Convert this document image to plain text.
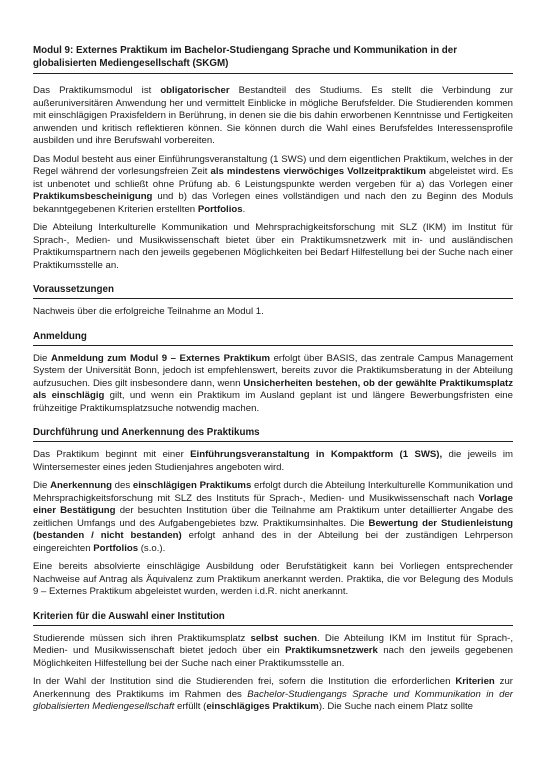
Modul 9: Externes Praktikum im Bachelor-Studiengang Sprache und Kommunikation in der globalisierten Mediengesellschaft (SKGM)

Das Praktikumsmodul ist obligatorischer Bestandteil des Studiums. Es stellt die Verbindung zur außeruniversitären Anwendung her und vermittelt Einblicke in mögliche Berufsfelder. Die Studierenden kommen mit einschlägigen Praxisfeldern in Berührung, in denen sie die bis dahin erworbenen Kenntnisse und Fertigkeiten anwenden und kritisch reflektieren können. Sie können durch die Wahl eines Berufsfeldes Interessensprofile ausbilden und ihre Berufswahl vorbereiten.

Das Modul besteht aus einer Einführungsveranstaltung (1 SWS) und dem eigentlichen Praktikum, welches in der Regel während der vorlesungsfreien Zeit als mindestens vierwöchiges Vollzeitpraktikum abgeleistet wird. Es ist unbenotet und schließt ohne Prüfung ab. 6 Leistungspunkte werden vergeben für a) das Vorlegen einer Praktikumsbescheinigung und b) das Vorlegen eines vollständigen und nach den zu Beginn des Moduls bekanntgegebenen Kriterien erstellten Portfolios.

Die Abteilung Interkulturelle Kommunikation und Mehrsprachigkeitsforschung mit SLZ (IKM) im Institut für Sprach-, Medien- und Musikwissenschaft bietet über ein Praktikumsnetzwerk mit in- und ausländischen Praktikumspartnern nach den jeweils gegebenen Möglichkeiten bei Bedarf Hilfestellung bei der Suche nach einer Praktikumsstelle an.

Voraussetzungen

Nachweis über die erfolgreiche Teilnahme an Modul 1.

Anmeldung

Die Anmeldung zum Modul 9 – Externes Praktikum erfolgt über BASIS, das zentrale Campus Management System der Universität Bonn, jedoch ist empfehlenswert, bereits zuvor die Praktikumsberatung in der Abteilung aufzusuchen. Dies gilt insbesondere dann, wenn Unsicherheiten bestehen, ob der gewählte Praktikumsplatz als einschlägig gilt, und wenn ein Praktikum im Ausland geplant ist und längere Bewerbungsfristen eine frühzeitige Praktikumsplatzsuche notwendig machen.

Durchführung und Anerkennung des Praktikums

Das Praktikum beginnt mit einer Einführungsveranstaltung in Kompaktform (1 SWS), die jeweils im Wintersemester eines jeden Studienjahres angeboten wird.

Die Anerkennung des einschlägigen Praktikums erfolgt durch die Abteilung Interkulturelle Kommunikation und Mehrsprachigkeitsforschung mit SLZ des Instituts für Sprach-, Medien- und Musikwissenschaft nach Vorlage einer Bestätigung der besuchten Institution über die Teilnahme am Praktikum unter detaillierter Angabe des zeitlichen Umfangs und des Aufgabengebietes bzw. Praktikumsinhaltes. Die Bewertung der Studienleistung (bestanden / nicht bestanden) erfolgt anhand des in der Abteilung bei der zuständigen Lehrperson eingereichten Portfolios (s.o.).

Eine bereits absolvierte einschlägige Ausbildung oder Berufstätigkeit kann bei Vorliegen entsprechender Nachweise auf Antrag als Äquivalenz zum Praktikum anerkannt werden. Praktika, die vor Belegung des Moduls 9 – Externes Praktikum abgeleistet wurden, werden i.d.R. nicht anerkannt.

Kriterien für die Auswahl einer Institution

Studierende müssen sich ihren Praktikumsplatz selbst suchen. Die Abteilung IKM im Institut für Sprach-, Medien- und Musikwissenschaft bietet jedoch über ein Praktikumsnetzwerk nach den jeweils gegebenen Möglichkeiten Hilfestellung bei der Suche nach einer Praktikumsstelle an.

In der Wahl der Institution sind die Studierenden frei, sofern die Institution die erforderlichen Kriterien zur Anerkennung des Praktikums im Rahmen des Bachelor-Studiengangs Sprache und Kommunikation in der globalisierten Mediengesellschaft erfüllt (einschlägiges Praktikum). Die Suche nach einem Platz sollte
